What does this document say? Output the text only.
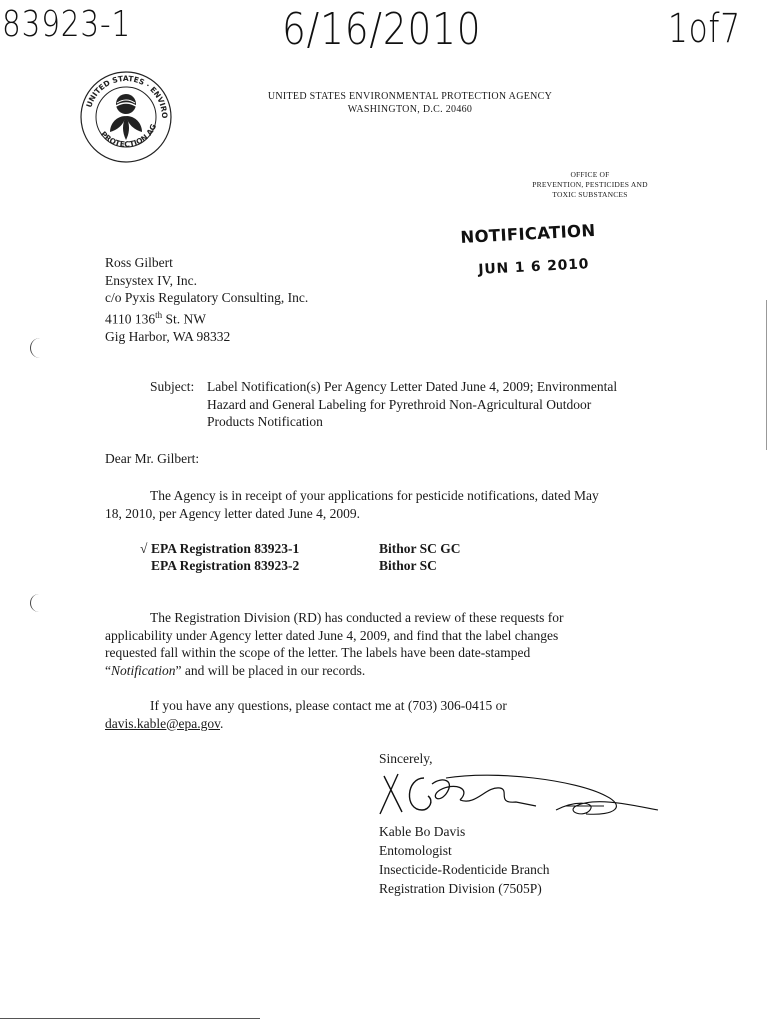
83923-1	6/16/2010	1of7
UNITED STATES · ENVIRO
PROTECTION AG
UNITED STATES ENVIRONMENTAL PROTECTION AGENCY
WASHINGTON, D.C. 20460
OFFICE OF
PREVENTION, PESTICIDES AND
TOXIC SUBSTANCES
NOTIFICATION
JUN 1 6 2010
Ross Gilbert
Ensystex IV, Inc.
c/o Pyxis Regulatory Consulting, Inc.
4110 136th St. NW
Gig Harbor, WA 98332
Subject: Label Notification(s) Per Agency Letter Dated June 4, 2009; Environmental
Hazard and General Labeling for Pyrethroid Non-Agricultural Outdoor
Products Notification
Dear Mr. Gilbert:
The Agency is in receipt of your applications for pesticide notifications, dated May
18, 2010, per Agency letter dated June 4, 2009.
√ EPA Registration 83923-1	Bithor SC GC
EPA Registration 83923-2	Bithor SC
The Registration Division (RD) has conducted a review of these requests for
applicability under Agency letter dated June 4, 2009, and find that the label changes
requested fall within the scope of the letter. The labels have been date-stamped
“Notification” and will be placed in our records.
If you have any questions, please contact me at (703) 306-0415 or
davis.kable@epa.gov.
Sincerely,
Kable Bo Davis
Entomologist
Insecticide-Rodenticide Branch
Registration Division (7505P)
